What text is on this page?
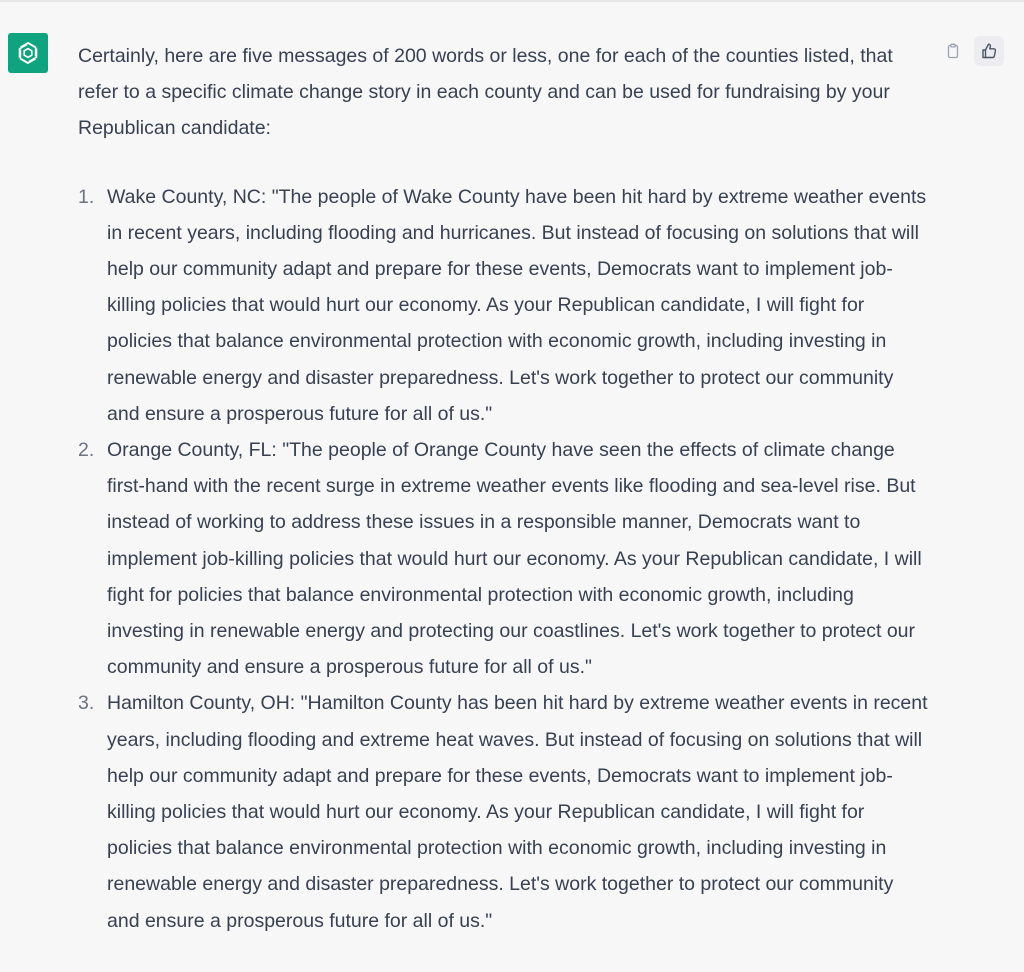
Certainly, here are five messages of 200 words or less, one for each of the counties listed, that refer to a specific climate change story in each county and can be used for fundraising by your Republican candidate:

1. Wake County, NC: "The people of Wake County have been hit hard by extreme weather events in recent years, including flooding and hurricanes. But instead of focusing on solutions that will help our community adapt and prepare for these events, Democrats want to implement job-killing policies that would hurt our economy. As your Republican candidate, I will fight for policies that balance environmental protection with economic growth, including investing in renewable energy and disaster preparedness. Let's work together to protect our community and ensure a prosperous future for all of us."
2. Orange County, FL: "The people of Orange County have seen the effects of climate change first-hand with the recent surge in extreme weather events like flooding and sea-level rise. But instead of working to address these issues in a responsible manner, Democrats want to implement job-killing policies that would hurt our economy. As your Republican candidate, I will fight for policies that balance environmental protection with economic growth, including investing in renewable energy and protecting our coastlines. Let's work together to protect our community and ensure a prosperous future for all of us."
3. Hamilton County, OH: "Hamilton County has been hit hard by extreme weather events in recent years, including flooding and extreme heat waves. But instead of focusing on solutions that will help our community adapt and prepare for these events, Democrats want to implement job-killing policies that would hurt our economy. As your Republican candidate, I will fight for policies that balance environmental protection with economic growth, including investing in renewable energy and disaster preparedness. Let's work together to protect our community and ensure a prosperous future for all of us."
